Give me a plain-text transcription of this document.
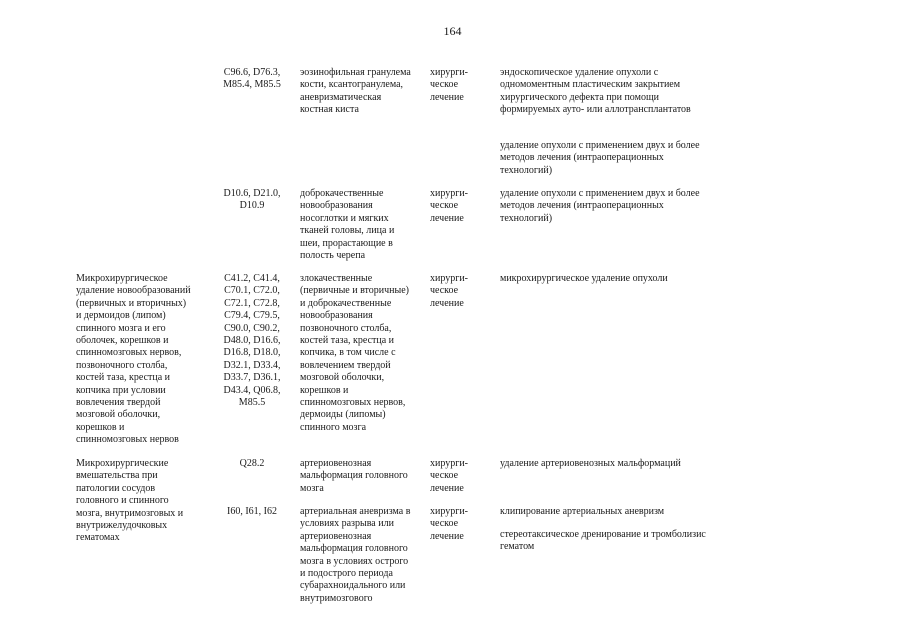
164
C96.6, D76.3,
M85.4, M85.5
эозинофильная гранулема
кости, ксантогранулема,
аневризматическая
костная киста
хирурги-
ческое
лечение
эндоскопическое удаление опухоли с
одномоментным пластическим закрытием
хирургического дефекта при помощи
формируемых ауто- или аллотрансплантатов
удаление опухоли с применением двух и более
методов лечения (интраоперационных
технологий)
D10.6, D21.0,
D10.9
доброкачественные
новообразования
носоглотки и мягких
тканей головы, лица и
шеи, прорастающие в
полость черепа
хирурги-
ческое
лечение
удаление опухоли с применением двух и более
методов лечения (интраоперационных
технологий)
Микрохирургическое
удаление новообразований
(первичных и вторичных)
и дермоидов (липом)
спинного мозга и его
оболочек, корешков и
спинномозговых нервов,
позвоночного столба,
костей таза, крестца и
копчика при условии
вовлечения твердой
мозговой оболочки,
корешков и
спинномозговых нервов
C41.2, C41.4,
C70.1, C72.0,
C72.1, C72.8,
C79.4, C79.5,
C90.0, C90.2,
D48.0, D16.6,
D16.8, D18.0,
D32.1, D33.4,
D33.7, D36.1,
D43.4, Q06.8,
M85.5
злокачественные
(первичные и вторичные)
и доброкачественные
новообразования
позвоночного столба,
костей таза, крестца и
копчика, в том числе с
вовлечением твердой
мозговой оболочки,
корешков и
спинномозговых нервов,
дермоиды (липомы)
спинного мозга
хирурги-
ческое
лечение
микрохирургическое удаление опухоли
Микрохирургические
вмешательства при
патологии сосудов
головного и спинного
мозга, внутримозговых и
внутрижелудочковых
гематомах
Q28.2	артериовенозная
мальформация головного
мозга
хирурги-
ческое
лечение
удаление артериовенозных мальформаций
I60, I61, I62	артериальная аневризма в
условиях разрыва или
артериовенозная
мальформация головного
мозга в условиях острого
и подострого периода
субарахноидального или
внутримозгового
хирурги-
ческое
лечение
клипирование артериальных аневризм
стереотаксическое дренирование и тромболизис
гематом
